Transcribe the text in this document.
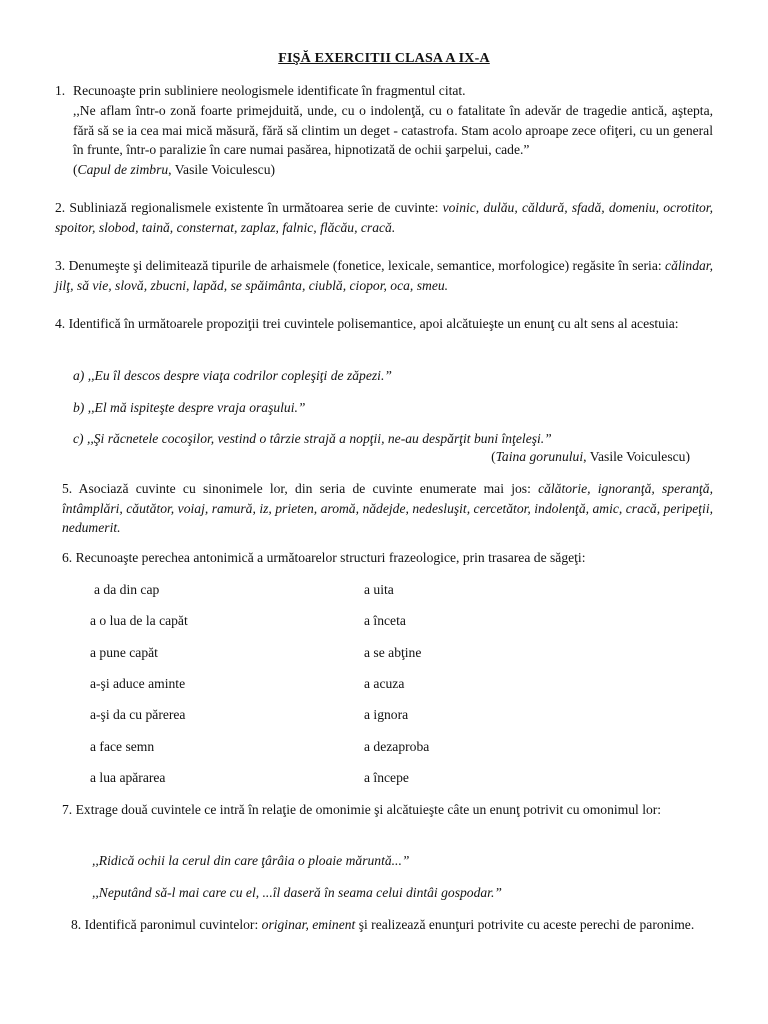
FIŞĂ EXERCITII CLASA A IX-A
1. Recunoaşte prin subliniere neologismele identificate în fragmentul citat.
,,Ne aflam într-o zonă foarte primejduită, unde, cu o indolenţă, cu o fatalitate în adevăr de tragedie antică, aştepta, fără să se ia cea mai mică măsură, fără să clintim un deget - catastrofa. Stam acolo aproape zece ofiţeri, cu un general în frunte, într-o paralizie în care numai pasărea, hipnotizată de ochii şarpelui, cade.”
(Capul de zimbru, Vasile Voiculescu)
2. Subliniază regionalismele existente în următoarea serie de cuvinte: voinic, dulău, căldură, sfadă, domeniu, ocrotitor, spoitor, slobod, taină, consternat, zaplaz, falnic, flăcău, cracă.
3. Denumeşte şi delimitează tipurile de arhaismele (fonetice, lexicale, semantice, morfologice) regăsite în seria: călindar, jilţ, să vie, slovă, zbucni, lapăd, se spăimânta, ciublă, ciopor, oca, smeu.
4. Identifică în următoarele propoziţii trei cuvintele polisemantice, apoi alcătuieşte un enunţ cu alt sens al acestuia:
a) ,,Eu îl descos despre viaţa codrilor copleşiţi de zăpezi.”
b) ,,El mă ispiteşte despre vraja oraşului.”
c) ,,Şi răcnetele cocoşilor, vestind o târzie strajă a nopţii, ne-au despărţit buni înţeleşi.”
(Taina gorunului, Vasile Voiculescu)
5. Asociază cuvinte cu sinonimele lor, din seria de cuvinte enumerate mai jos: călătorie, ignoranţă, speranţă, întâmplări, căutător, voiaj, ramură, iz, prieten, aromă, nădejde, nedesluşit, cercetător, indolenţă, amic, cracă, peripeţii, nedumerit.
6. Recunoaşte perechea antonimică a următoarelor structuri frazeologice, prin trasarea de săgeţi:
a da din cap
a o lua de la capăt
a pune capăt
a-şi aduce aminte
a-şi da cu părerea
a face semn
a lua apărarea
a uita
a înceta
a se abţine
a acuza
a ignora
a dezaproba
a începe
7. Extrage două cuvintele ce intră în relaţie de omonimie şi alcătuieşte câte un enunţ potrivit cu omonimul lor:
,,Ridică ochii la cerul din care ţârâia o ploaie măruntă...”
,,Neputând să-l mai care cu el, ...îl daseră în seama celui dintâi gospodar.”
8. Identifică paronimul cuvintelor: originar, eminent şi realizează enunţuri potrivite cu aceste perechi de paronime.
